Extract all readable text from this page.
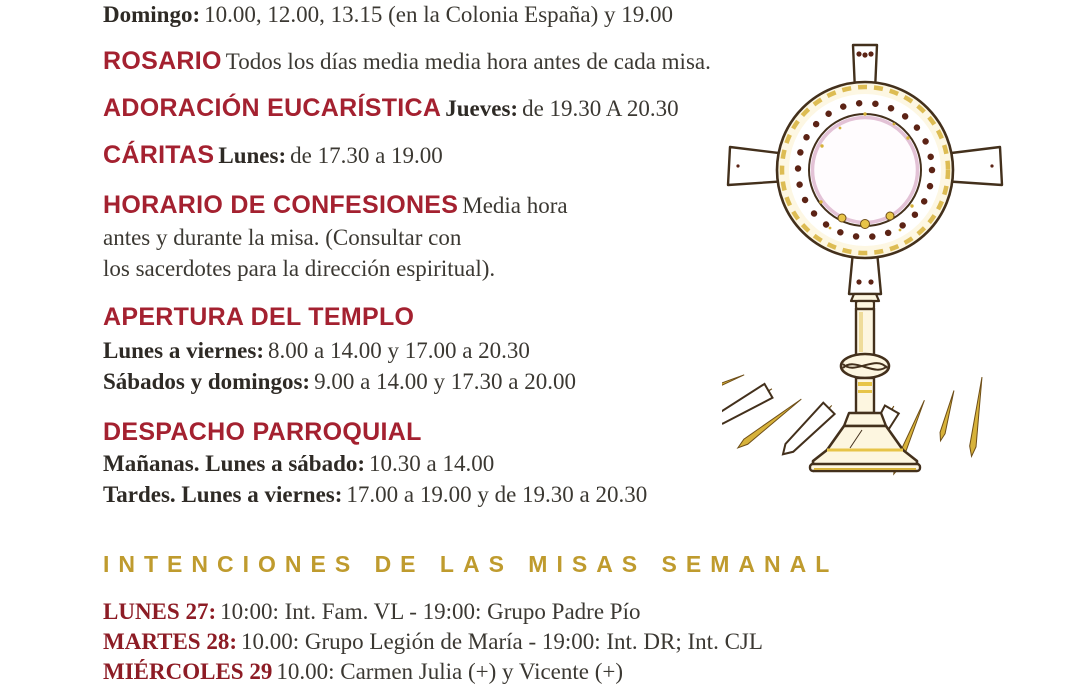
Domingo: 10.00, 12.00, 13.15 (en la Colonia España) y 19.00
ROSARIO Todos los días media media hora antes de cada misa.
ADORACIÓN EUCARÍSTICA Jueves: de 19.30 A 20.30
CÁRITAS Lunes: de 17.30 a 19.00
HORARIO DE CONFESIONES Media hora
antes y durante la misa. (Consultar con
los sacerdotes para la dirección espiritual).
APERTURA DEL TEMPLO
Lunes a viernes: 8.00 a 14.00 y 17.00 a 20.30
Sábados y domingos: 9.00 a 14.00 y 17.30 a 20.00
DESPACHO PARROQUIAL
Mañanas. Lunes a sábado: 10.30 a 14.00
Tardes. Lunes a viernes: 17.00 a 19.00 y de 19.30 a 20.30
INTENCIONES DE LAS MISAS SEMANAL
LUNES 27: 10:00: Int. Fam. VL - 19:00: Grupo Padre Pío
MARTES 28: 10.00: Grupo Legión de María - 19:00: Int. DR; Int. CJL
MIÉRCOLES 29 10.00: Carmen Julia (+) y Vicente (+)
